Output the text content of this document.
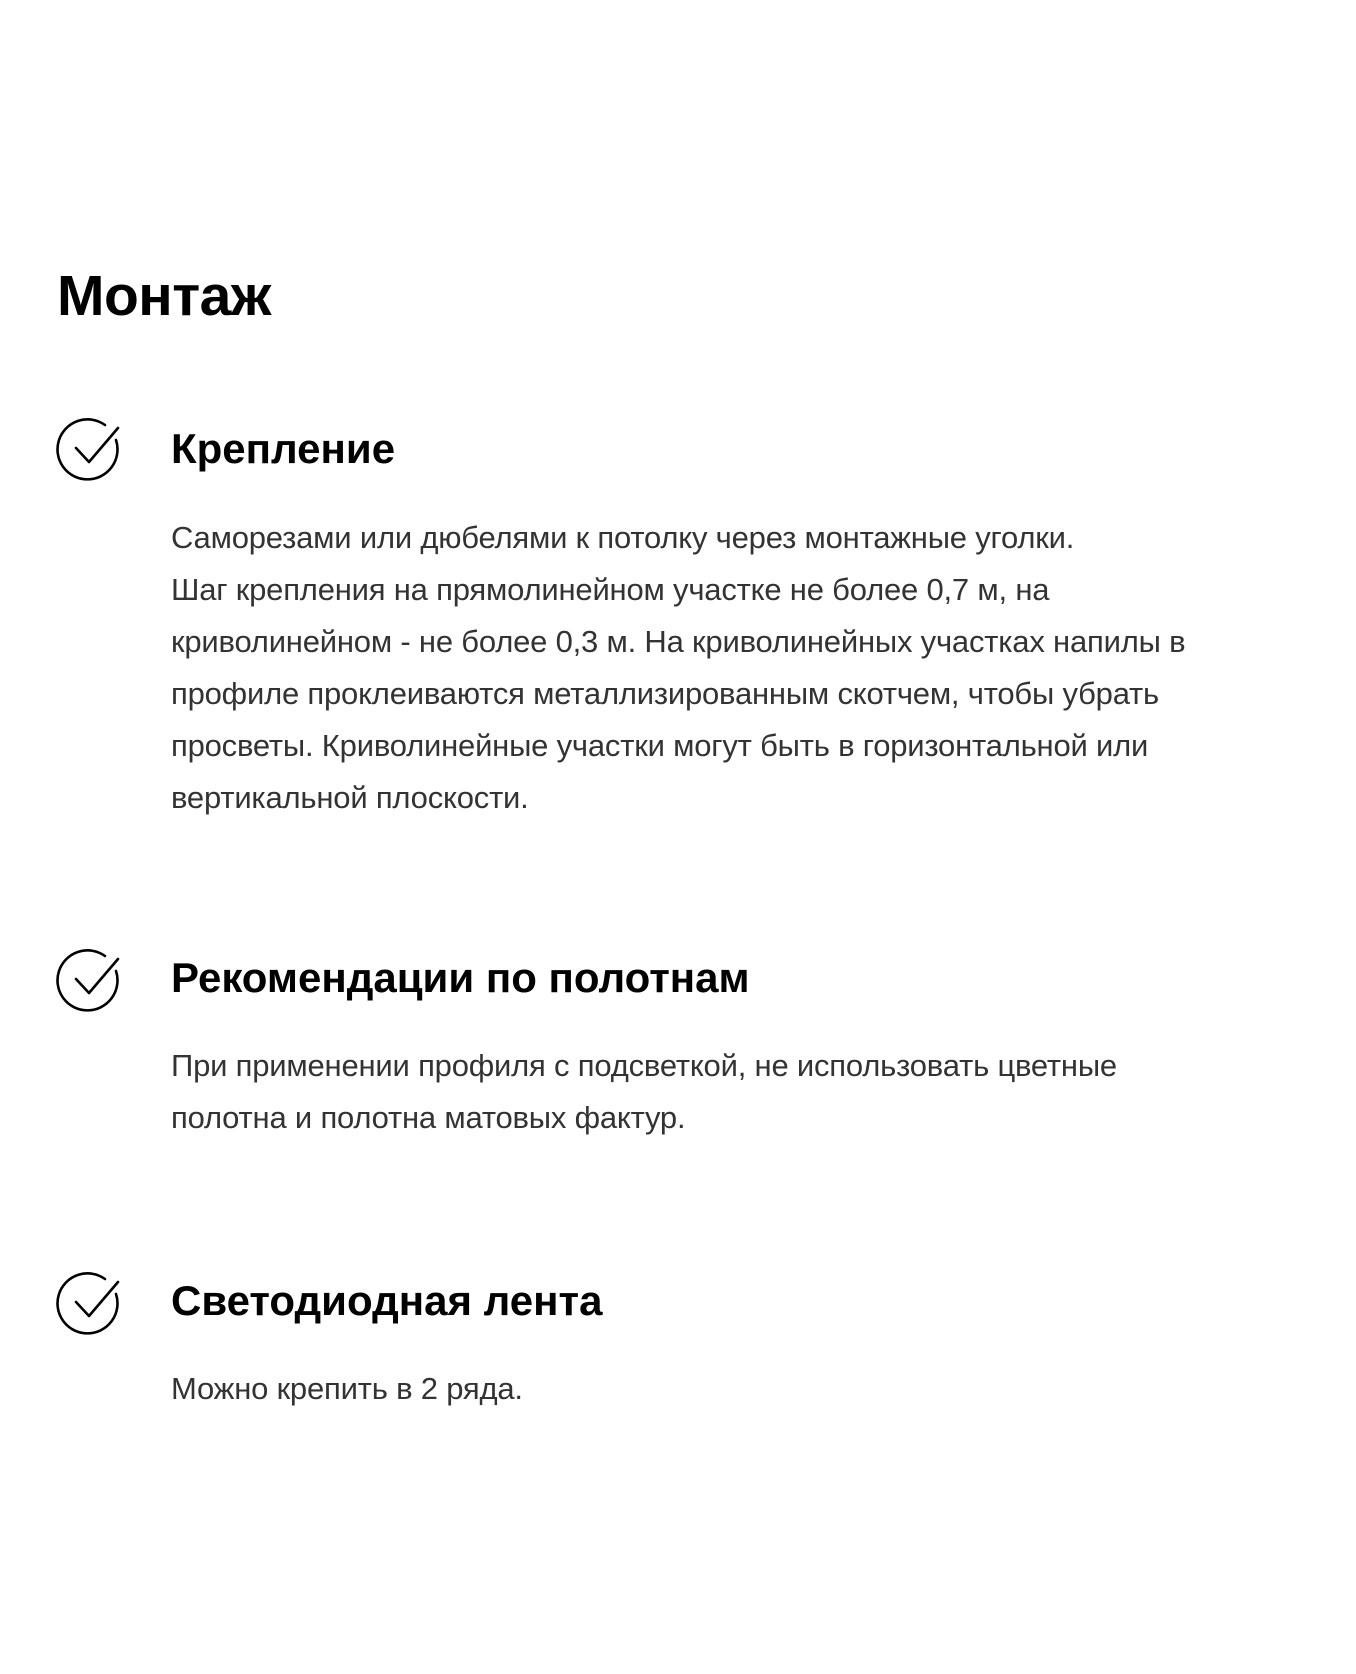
Монтаж
Крепление

Саморезами или дюбелями к потолку через монтажные уголки.
Шаг крепления на прямолинейном участке не более 0,7 м, на
криволинейном - не более 0,3 м. На криволинейных участках напилы в
профиле проклеиваются металлизированным скотчем, чтобы убрать
просветы. Криволинейные участки могут быть в горизонтальной или
вертикальной плоскости.

Рекомендации по полотнам

При применении профиля с подсветкой, не использовать цветные
полотна и полотна матовых фактур.

Светодиодная лента

Можно крепить в 2 ряда.
